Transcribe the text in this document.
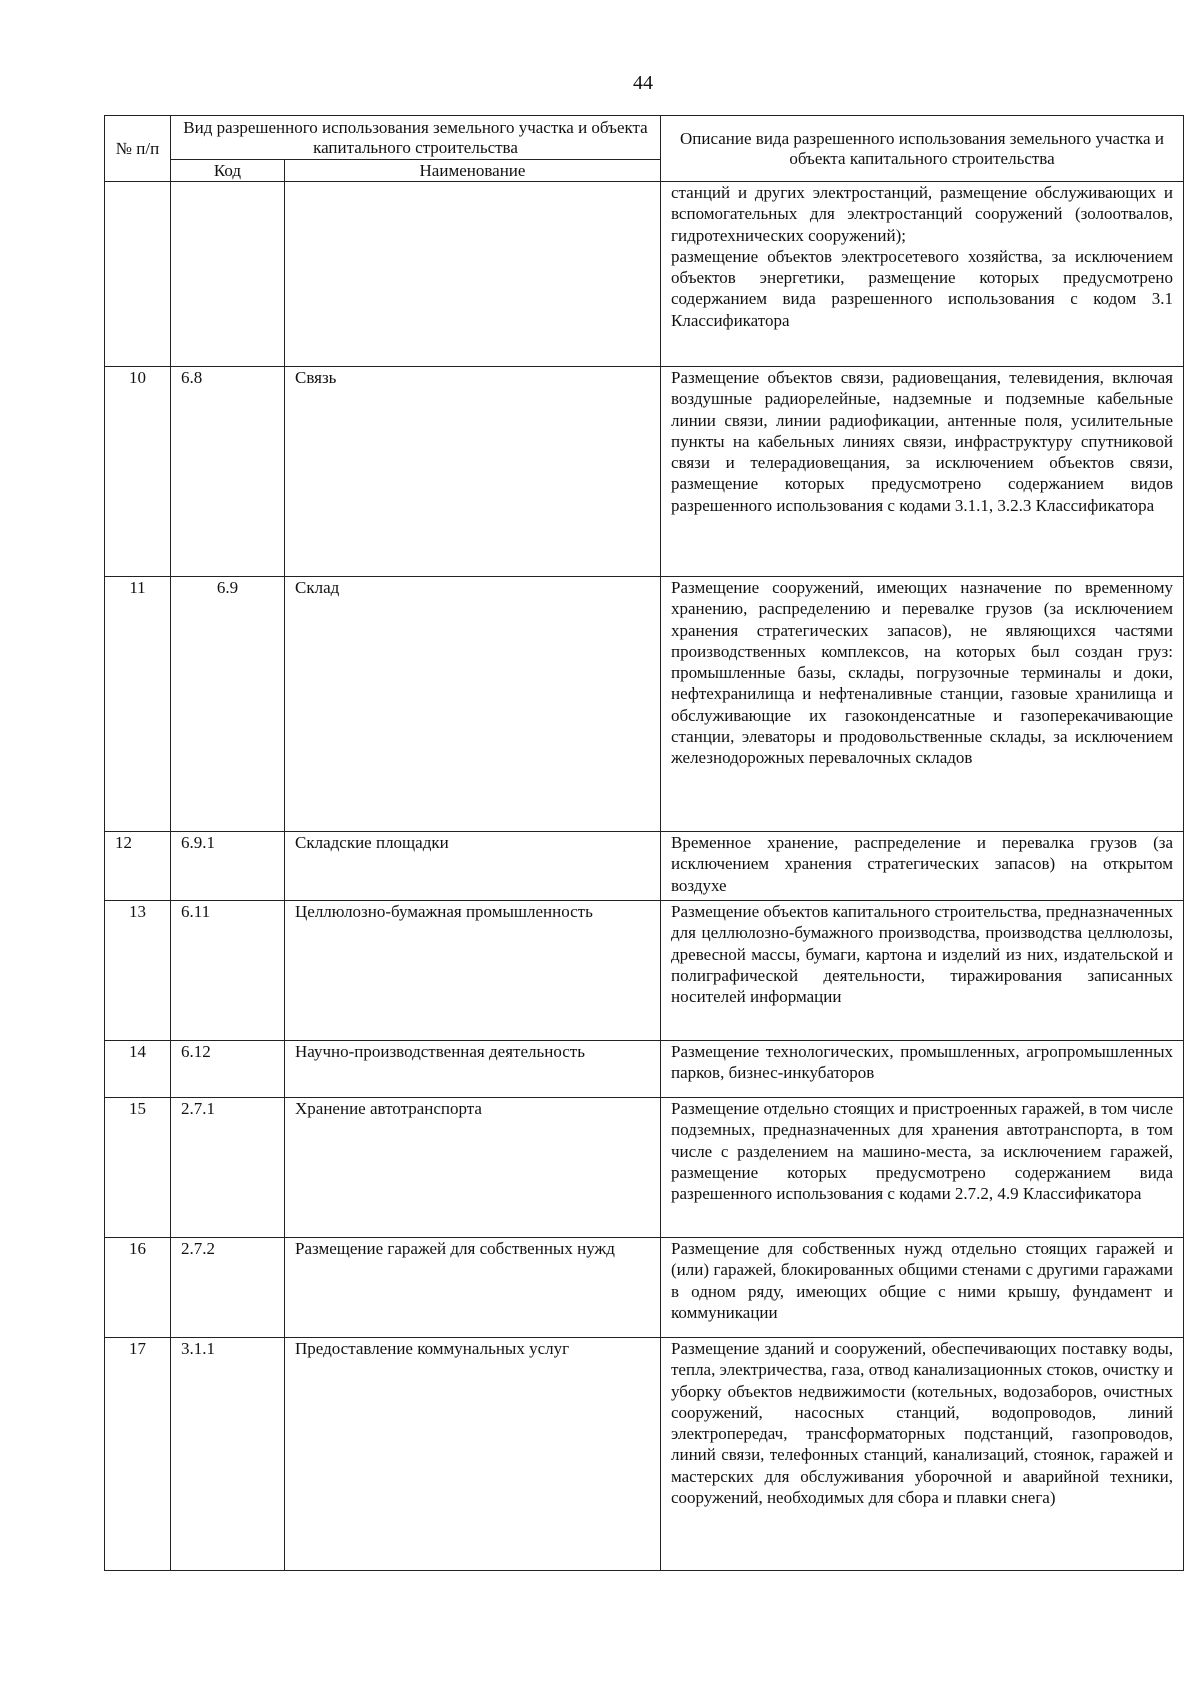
44
№ п/п	Вид разрешенного использования земельного участка и объекта капитального строительства		Описание вида разрешенного использования земельного участка и объекта капитального строительства
	Код	Наименование	

			станций и других электростанций, размещение обслуживающих и вспомогательных для электростанций сооружений (золоотвалов, гидротехнических сооружений);

размещение объектов электросетевого хозяйства, за исключением объектов энергетики, размещение которых предусмотрено содержанием вида разрешенного использования с кодом 3.1 Классификатора

10	6.8	Связь	Размещение объектов связи, радиовещания, телевидения, включая воздушные радиорелейные, надземные и подземные кабельные линии связи, линии радиофикации, антенные поля, усилительные пункты на кабельных линиях связи, инфраструктуру спутниковой связи и телерадиовещания, за исключением объектов связи, размещение которых предусмотрено содержанием видов разрешенного использования с кодами 3.1.1, 3.2.3 Классификатора
11	6.9	Склад	Размещение сооружений, имеющих назначение по временному хранению, распределению и перевалке грузов (за исключением хранения стратегических запасов), не являющихся частями производственных комплексов, на которых был создан груз: промышленные базы, склады, погрузочные терминалы и доки, нефтехранилища и нефтеналивные станции, газовые хранилища и обслуживающие их газоконденсатные и газоперекачивающие станции, элеваторы и продовольственные склады, за исключением железнодорожных перевалочных складов
12	6.9.1	Складские площадки	Временное хранение, распределение и перевалка грузов (за исключением хранения стратегических запасов) на открытом воздухе
13	6.11	Целлюлозно-бумажная промышленность	Размещение объектов капитального строительства, предназначенных для целлюлозно-бумажного производства, производства целлюлозы, древесной массы, бумаги, картона и изделий из них, издательской и полиграфической деятельности, тиражирования записанных носителей информации
14	6.12	Научно-производственная деятельность	Размещение технологических, промышленных, агропромышленных парков, бизнес-инкубаторов
15	2.7.1	Хранение автотранспорта	Размещение отдельно стоящих и пристроенных гаражей, в том числе подземных, предназначенных для хранения автотранспорта, в том числе с разделением на машино-места, за исключением гаражей, размещение которых предусмотрено содержанием вида разрешенного использования с кодами 2.7.2, 4.9 Классификатора
16	2.7.2	Размещение гаражей для собственных нужд	Размещение для собственных нужд отдельно стоящих гаражей и (или) гаражей, блокированных общими стенами с другими гаражами в одном ряду, имеющих общие с ними крышу, фундамент и коммуникации
17	3.1.1	Предоставление коммунальных услуг	Размещение зданий и сооружений, обеспечивающих поставку воды, тепла, электричества, газа, отвод канализационных стоков, очистку и уборку объектов недвижимости (котельных, водозаборов, очистных сооружений, насосных станций, водопроводов, линий электропередач, трансформаторных подстанций, газопроводов, линий связи, телефонных станций, канализаций, стоянок, гаражей и мастерских для обслуживания уборочной и аварийной техники, сооружений, необходимых для сбора и плавки снега)
